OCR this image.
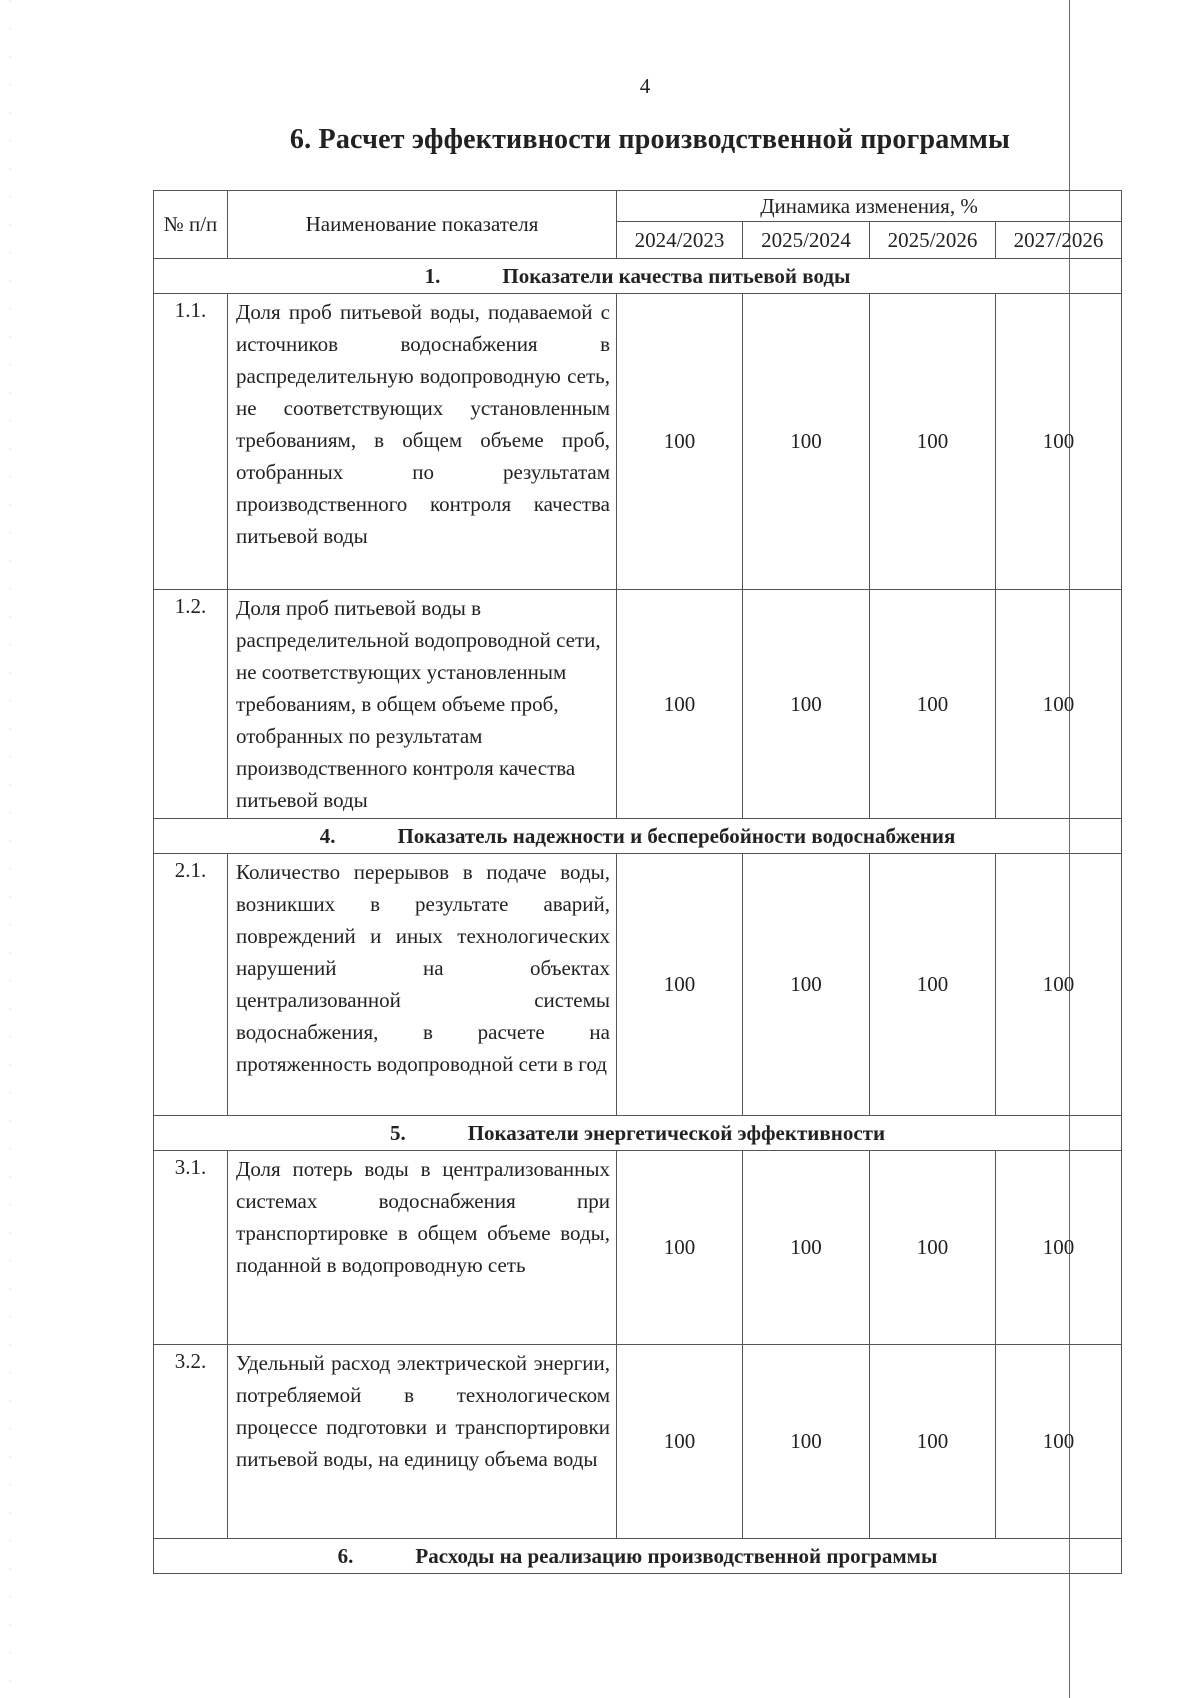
4
6. Расчет эффективности производственной программы
№ п/п	Наименование показателя	Динамика изменения, %			
		2024/2023	2025/2024	2025/2026	2027/2026
1. Показатели качества питьевой воды					
1.1.	Доля проб питьевой воды, подаваемой с источников водоснабжения в распределительную водопроводную сеть, не соответствующих установленным требованиям, в общем объеме проб, отобранных по результатам производственного контроля качества питьевой воды	100	100	100	100
1.2.	Доля проб питьевой воды в распределительной водопроводной сети, не соответствующих установленным требованиям, в общем объеме проб, отобранных по результатам производственного контроля качества питьевой воды	100	100	100	100
4. Показатель надежности и бесперебойности водоснабжения					
2.1.	Количество перерывов в подаче воды, возникших в результате аварий, повреждений и иных технологических нарушений на объектах централизованной системы водоснабжения, в расчете на протяженность водопроводной сети в год	100	100	100	100
5. Показатели энергетической эффективности					
3.1.	Доля потерь воды в централизованных системах водоснабжения при транспортировке в общем объеме воды, поданной в водопроводную сеть	100	100	100	100
3.2.	Удельный расход электрической энергии, потребляемой в технологическом процессе подготовки и транспортировки питьевой воды, на единицу объема воды	100	100	100	100
6. Расходы на реализацию производственной программы					
